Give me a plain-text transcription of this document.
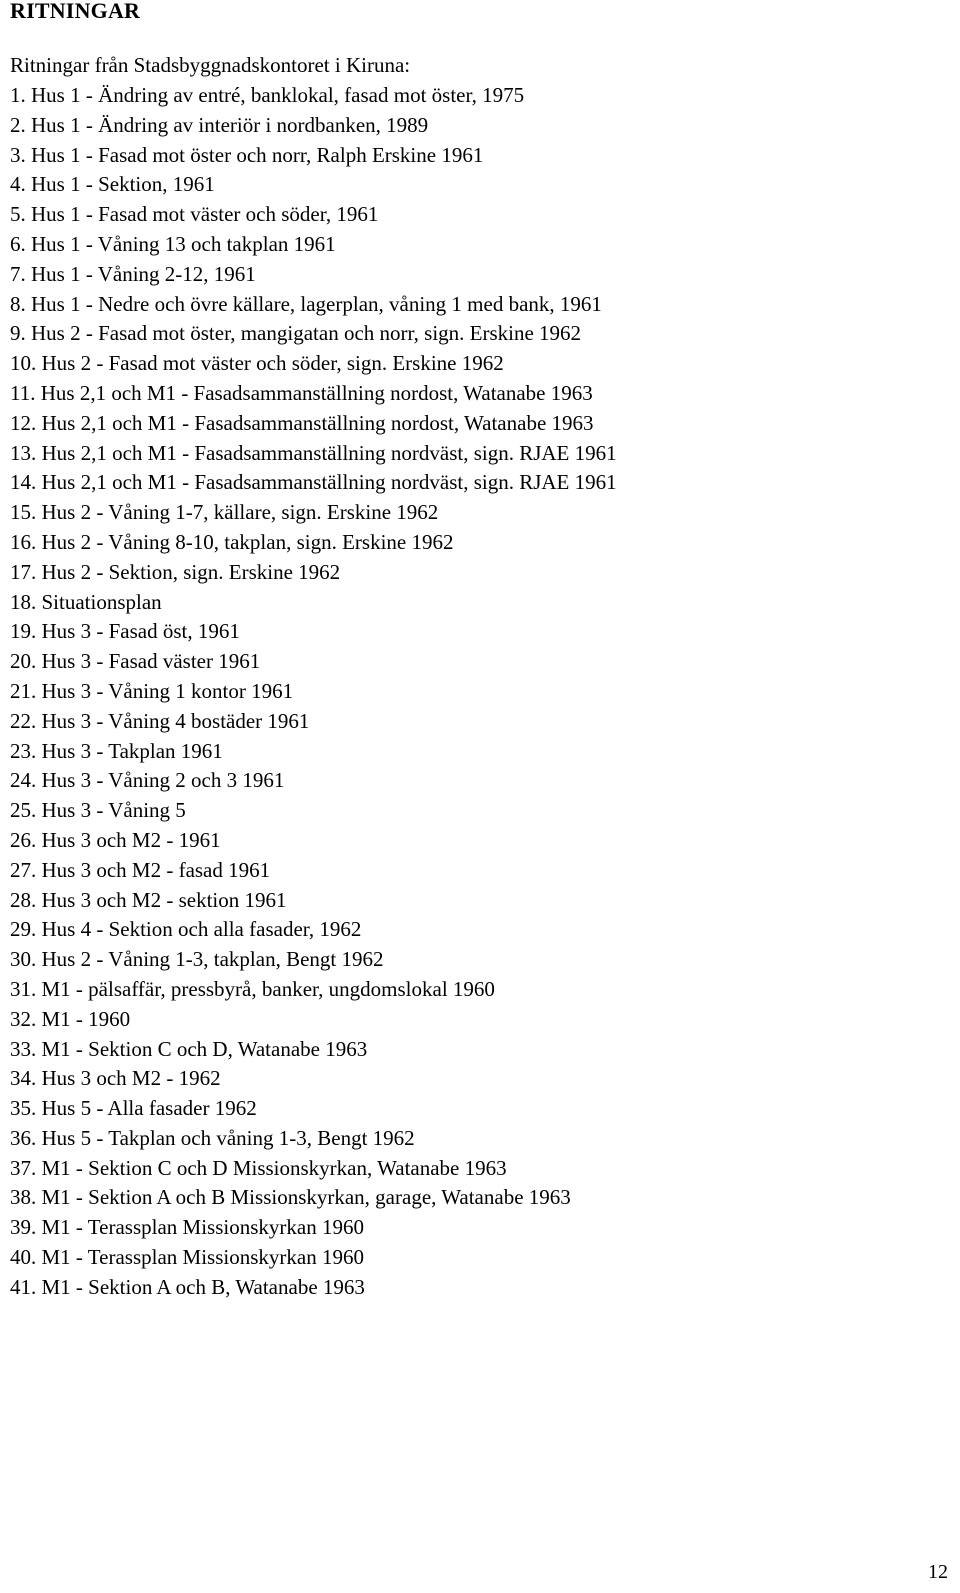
RITNINGAR
Ritningar från Stadsbyggnadskontoret i Kiruna:
1. Hus 1 - Ändring av entré, banklokal, fasad mot öster, 1975
2. Hus 1 - Ändring av interiör i nordbanken, 1989
3. Hus 1 - Fasad mot öster och norr, Ralph Erskine 1961
4. Hus 1 - Sektion, 1961
5. Hus 1 - Fasad mot väster och söder, 1961
6. Hus 1 - Våning 13 och takplan 1961
7. Hus 1 - Våning 2-12, 1961
8. Hus 1 - Nedre och övre källare, lagerplan, våning 1 med bank, 1961
9. Hus 2 - Fasad mot öster, mangigatan och norr, sign. Erskine 1962
10. Hus 2 - Fasad mot väster och söder, sign. Erskine 1962
11. Hus 2,1 och M1 - Fasadsammanställning nordost, Watanabe 1963
12. Hus 2,1 och M1 - Fasadsammanställning nordost, Watanabe 1963
13. Hus 2,1 och M1 - Fasadsammanställning nordväst, sign. RJAE 1961
14. Hus 2,1 och M1 - Fasadsammanställning nordväst, sign. RJAE 1961
15. Hus 2 - Våning 1-7, källare, sign. Erskine 1962
16. Hus 2 - Våning 8-10, takplan, sign. Erskine 1962
17. Hus 2 - Sektion, sign. Erskine 1962
18. Situationsplan
19. Hus 3 - Fasad öst, 1961
20. Hus 3 - Fasad väster 1961
21. Hus 3 - Våning 1 kontor 1961
22. Hus 3 - Våning 4 bostäder 1961
23. Hus 3 - Takplan 1961
24. Hus 3 - Våning 2 och 3 1961
25. Hus 3 - Våning 5
26. Hus 3 och M2 - 1961
27. Hus 3 och M2 - fasad 1961
28. Hus 3 och M2 - sektion 1961
29. Hus 4 - Sektion och alla fasader, 1962
30. Hus 2 - Våning 1-3, takplan, Bengt 1962
31. M1 - pälsaffär, pressbyrå, banker, ungdomslokal 1960
32. M1 - 1960
33. M1 - Sektion C och D, Watanabe 1963
34. Hus 3 och M2 - 1962
35. Hus 5 - Alla fasader 1962
36. Hus 5 - Takplan och våning 1-3, Bengt 1962
37. M1 - Sektion C och D Missionskyrkan, Watanabe 1963
38. M1 - Sektion A och B Missionskyrkan, garage, Watanabe 1963
39. M1 - Terassplan Missionskyrkan 1960
40. M1 - Terassplan Missionskyrkan 1960
41. M1 - Sektion A och B, Watanabe 1963
12
